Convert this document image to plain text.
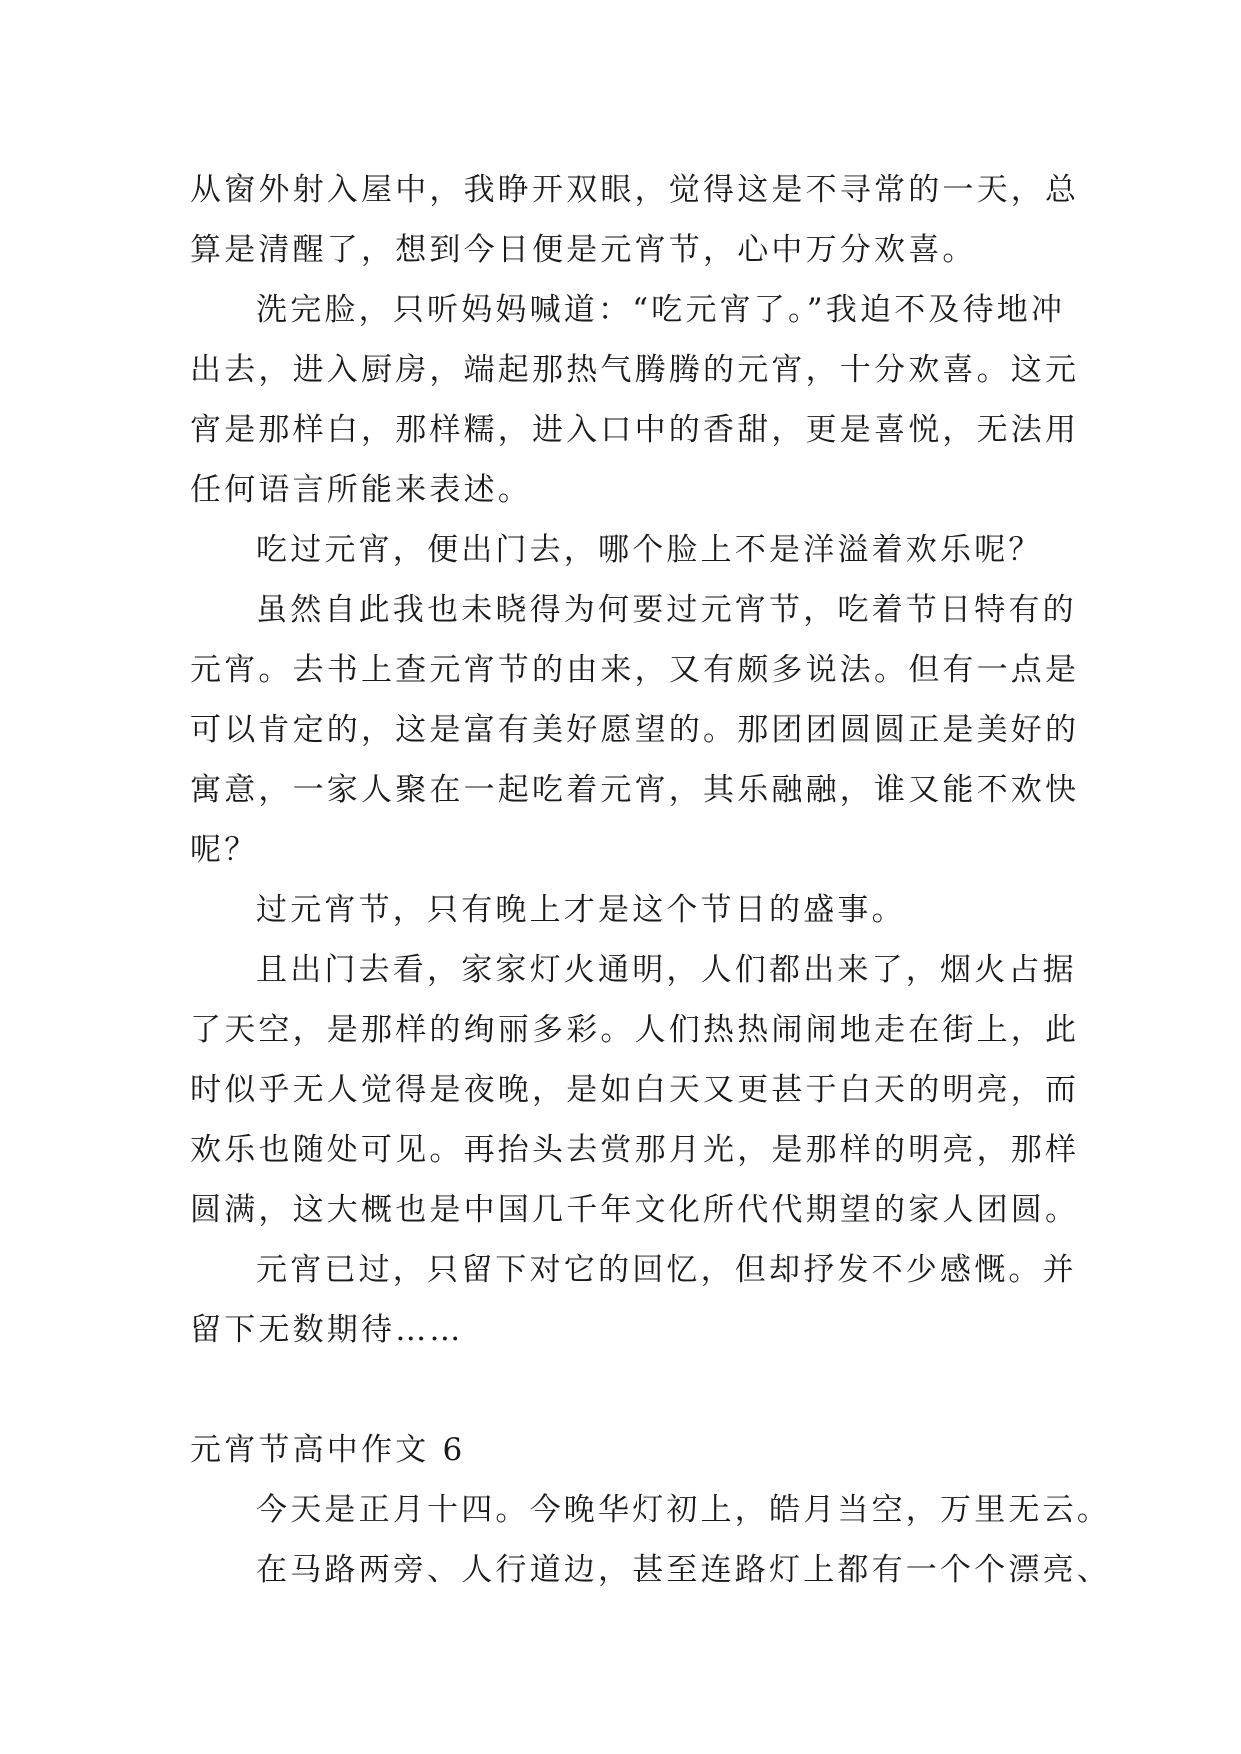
从窗外射入屋中，我睁开双眼，觉得这是不寻常的一天，总
算是清醒了，想到今日便是元宵节，心中万分欢喜。
洗完脸，只听妈妈喊道：“吃元宵了。”我迫不及待地冲
出去，进入厨房，端起那热气腾腾的元宵，十分欢喜。这元
宵是那样白，那样糯，进入口中的香甜，更是喜悦，无法用
任何语言所能来表述。
吃过元宵，便出门去，哪个脸上不是洋溢着欢乐呢？
虽然自此我也未晓得为何要过元宵节，吃着节日特有的
元宵。去书上查元宵节的由来，又有颇多说法。但有一点是
可以肯定的，这是富有美好愿望的。那团团圆圆正是美好的
寓意，一家人聚在一起吃着元宵，其乐融融，谁又能不欢快
呢？
过元宵节，只有晚上才是这个节日的盛事。
且出门去看，家家灯火通明，人们都出来了，烟火占据
了天空，是那样的绚丽多彩。人们热热闹闹地走在街上，此
时似乎无人觉得是夜晚，是如白天又更甚于白天的明亮，而
欢乐也随处可见。再抬头去赏那月光，是那样的明亮，那样
圆满，这大概也是中国几千年文化所代代期望的家人团圆。
元宵已过，只留下对它的回忆，但却抒发不少感慨。并
留下无数期待……
元宵节高中作文 6
今天是正月十四。今晚华灯初上，皓月当空，万里无云。
在马路两旁、人行道边，甚至连路灯上都有一个个漂亮、
